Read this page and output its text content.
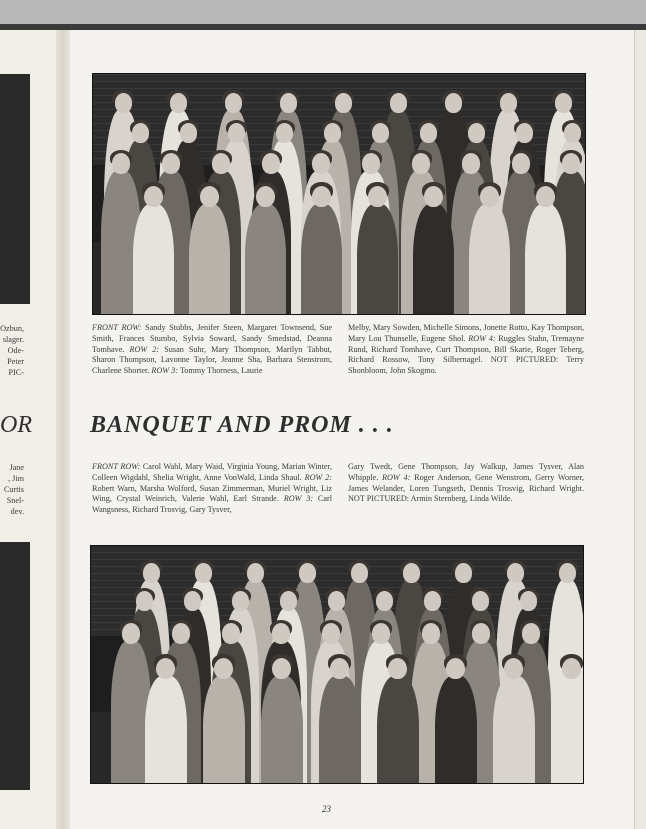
Ozbun,

slager.

Ode-

Peter

PIC-

OR

Jane

, Jim

Curtis

Snel-

dev.

FRONT ROW: Sandy Stubbs, Jenifer Steen, Margaret Townsend, Sue Smith, Frances Stumbo, Sylvia Soward, Sandy Smedstad, Deanna Tomhave. ROW 2: Susan Suhr, Mary Thompson, Marilyn Tabbut, Sharon Thompson, Lavonne Taylor, Jeanne Sha, Barbara Stenstrom, Charlene Shorter. ROW 3: Tommy Thorness, Laurie

Melby, Mary Sowden, Michelle Simons, Jonette Rotto, Kay Thompson, Mary Lou Thunselle, Eugene Shol. ROW 4: Ruggles Stahn, Tremayne Rund, Richard Tomhave, Curt Thompson, Bill Skarie, Roger Teberg, Richard Rossow, Tony Silbernagel. NOT PICTURED: Terry Shonbloom, John Skogmo.

BANQUET AND PROM . . .

FRONT ROW: Carol Wahl, Mary Waid, Virginia Young, Marian Winter, Colleen Wigdahl, Shelia Wright, Anne VonWald, Linda Shaul. ROW 2: Robert Warn, Marsha Wolford, Susan Zimmerman, Muriel Wright, Liz Wing, Crystal Weinrich, Valerie Wahl, Earl Strande. ROW 3: Carl Wangsness, Richard Trosvig, Gary Tysver,

Gary Twedt, Gene Thompson, Jay Walkup, James Tysver, Alan Whipple. ROW 4: Roger Anderson, Gene Wenstrom, Gerry Worner, James Welander, Loren Tungseth, Dennis Trosvig, Richard Wright. NOT PICTURED: Armin Sternberg, Linda Wilde.

23
